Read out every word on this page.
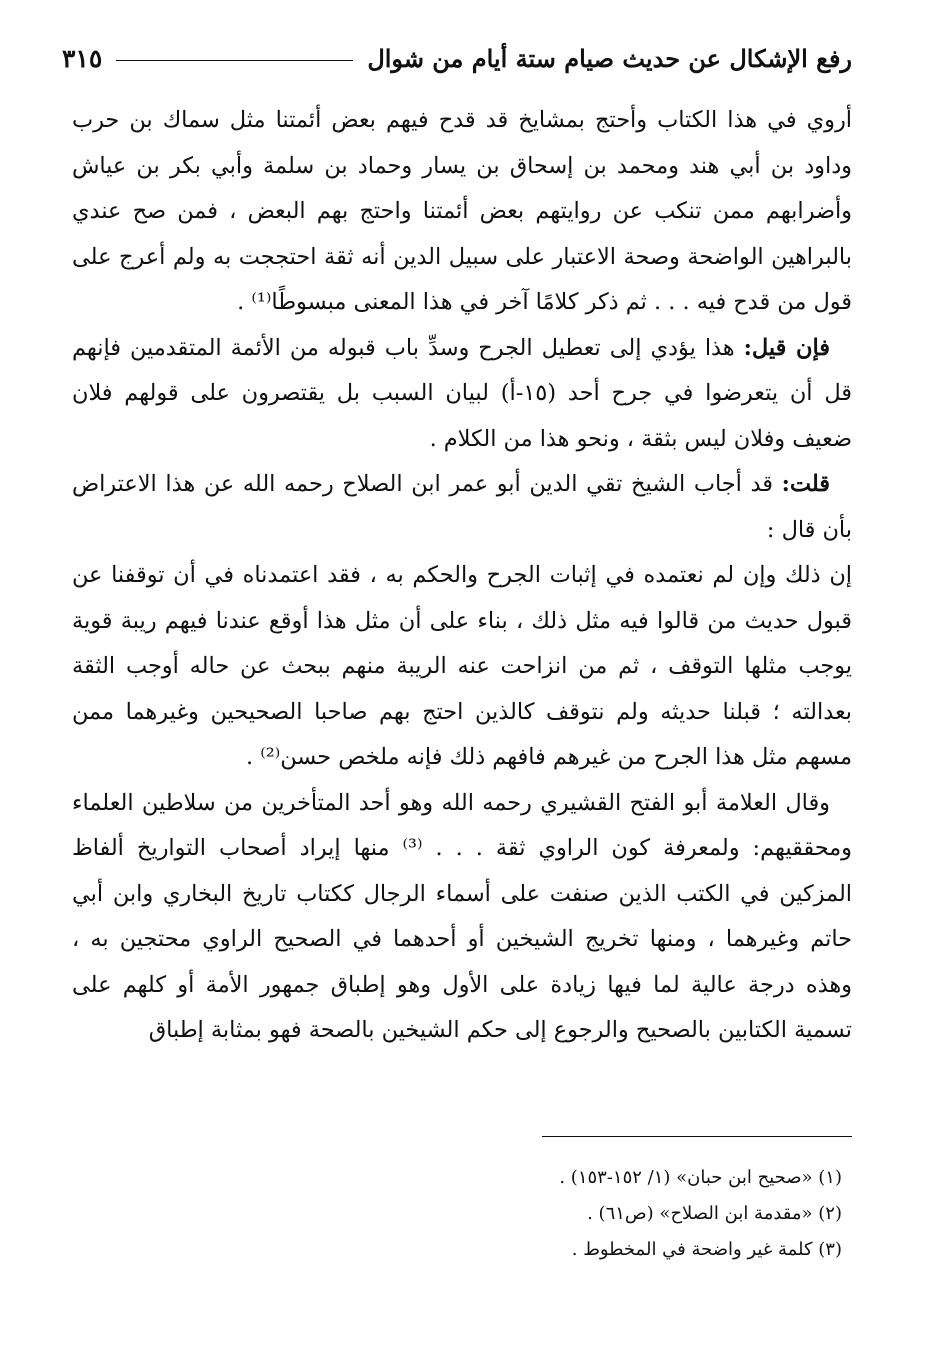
٣١٥	رفع الإشكال عن حديث صيام ستة أيام من شوال

أروي في هذا الكتاب وأحتج بمشايخ قد قدح فيهم بعض أئمتنا مثل سماك بن حرب وداود بن أبي هند ومحمد بن إسحاق بن يسار وحماد بن سلمة وأبي بكر بن عياش وأضرابهم ممن تنكب عن روايتهم بعض أئمتنا واحتج بهم البعض ، فمن صح عندي بالبراهين الواضحة وصحة الاعتبار على سبيل الدين أنه ثقة احتججت به ولم أعرج على قول من قدح فيه . . . ثم ذكر كلامًا آخر في هذا المعنى مبسوطًا⁽¹⁾ .

فإن قيل: هذا يؤدي إلى تعطيل الجرح وسدِّ باب قبوله من الأئمة المتقدمين فإنهم قل أن يتعرضوا في جرح أحد (١٥-أ) لبيان السبب بل يقتصرون على قولهم فلان ضعيف وفلان ليس بثقة ، ونحو هذا من الكلام .

قلت: قد أجاب الشيخ تقي الدين أبو عمر ابن الصلاح رحمه الله عن هذا الاعتراض بأن قال :

إن ذلك وإن لم نعتمده في إثبات الجرح والحكم به ، فقد اعتمدناه في أن توقفنا عن قبول حديث من قالوا فيه مثل ذلك ، بناء على أن مثل هذا أوقع عندنا فيهم ريبة قوية يوجب مثلها التوقف ، ثم من انزاحت عنه الريبة منهم ببحث عن حاله أوجب الثقة بعدالته ؛ قبلنا حديثه ولم نتوقف كالذين احتج بهم صاحبا الصحيحين وغيرهما ممن مسهم مثل هذا الجرح من غيرهم فافهم ذلك فإنه ملخص حسن⁽²⁾ .

وقال العلامة أبو الفتح القشيري رحمه الله وهو أحد المتأخرين من سلاطين العلماء ومحققيهم: ولمعرفة كون الراوي ثقة . . . ⁽³⁾ منها إيراد أصحاب التواريخ ألفاظ المزكين في الكتب الذين صنفت على أسماء الرجال ككتاب تاريخ البخاري وابن أبي حاتم وغيرهما ، ومنها تخريج الشيخين أو أحدهما في الصحيح الراوي محتجين به ، وهذه درجة عالية لما فيها زيادة على الأول وهو إطباق جمهور الأمة أو كلهم على تسمية الكتابين بالصحيح والرجوع إلى حكم الشيخين بالصحة فهو بمثابة إطباق

(١) «صحيح ابن حبان» (١/ ١٥٢-١٥٣) .

(٢) «مقدمة ابن الصلاح» (ص٦١) .

(٣) كلمة غير واضحة في المخطوط .
